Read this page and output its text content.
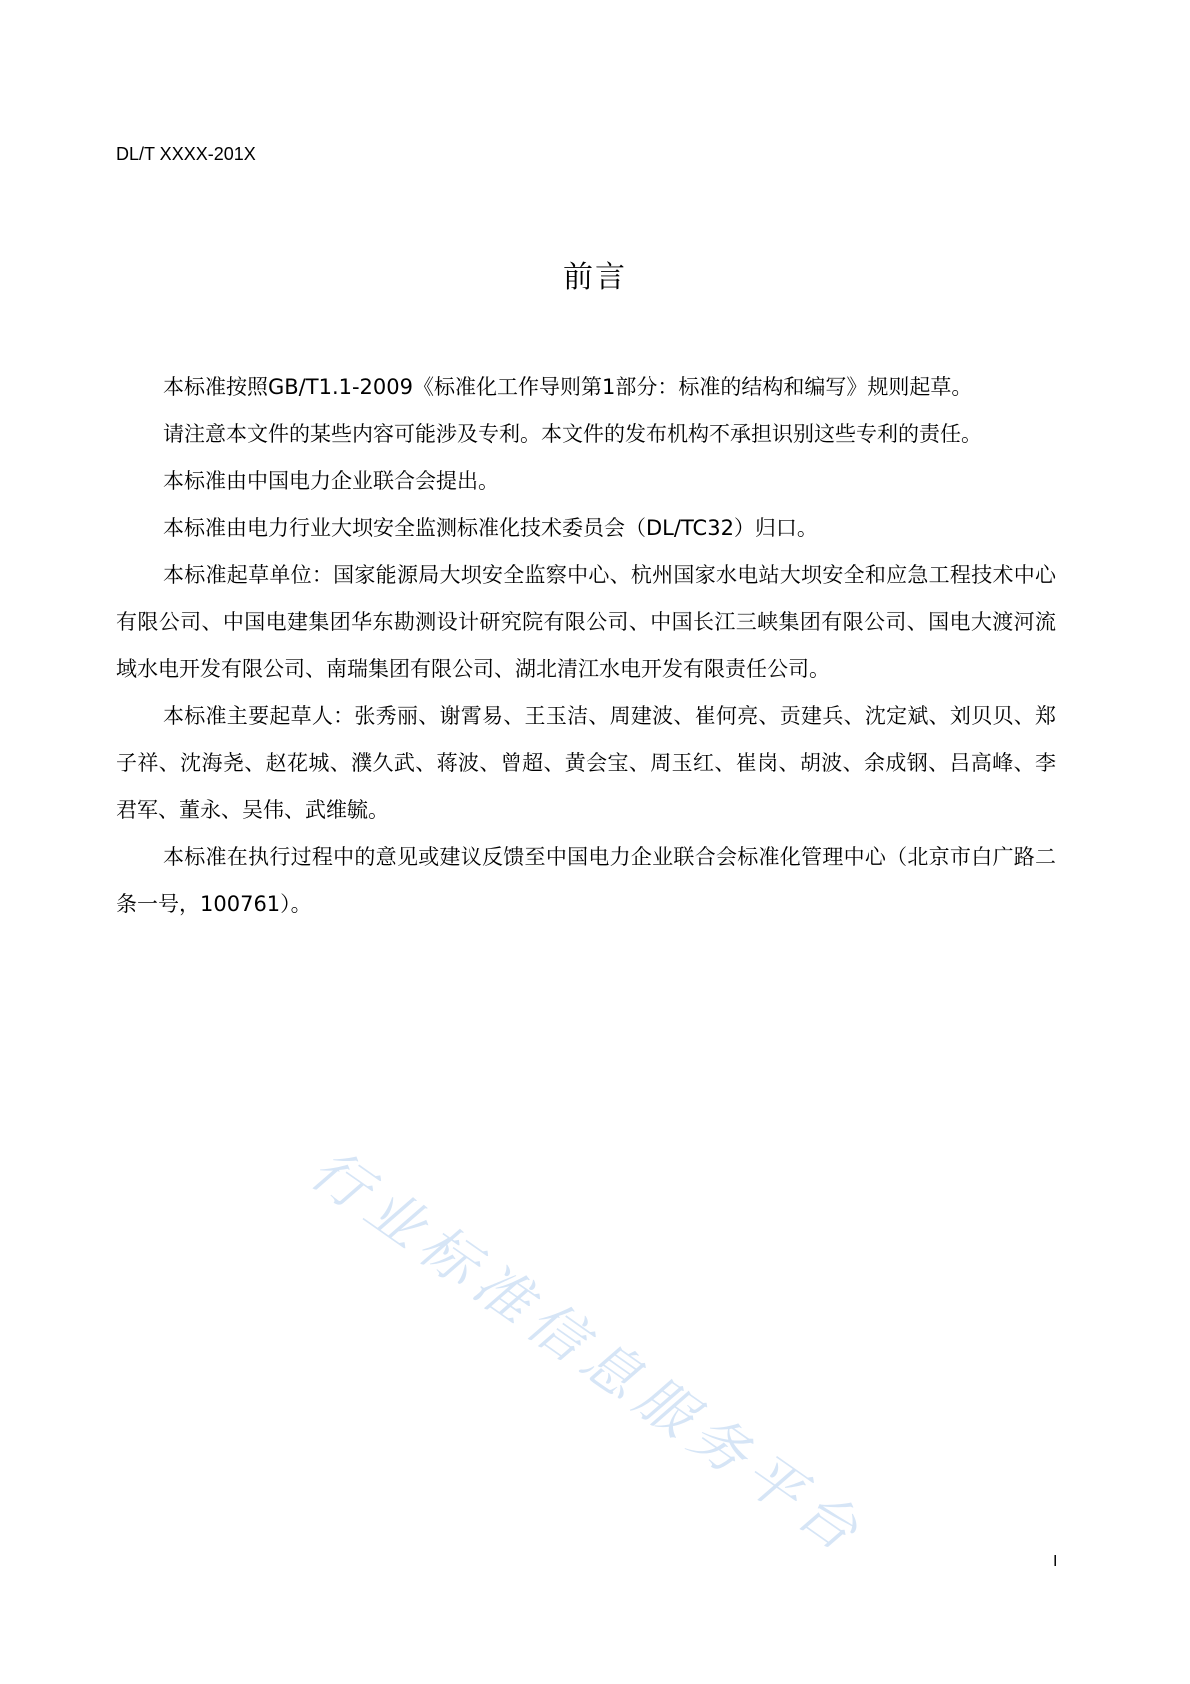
DL/T XXXX-201X
前言

本标准按照GB/T1.1-2009《标准化工作导则第1部分：标准的结构和编写》规则起草。

请注意本文件的某些内容可能涉及专利。本文件的发布机构不承担识别这些专利的责任。

本标准由中国电力企业联合会提出。

本标准由电力行业大坝安全监测标准化技术委员会（DL/TC32）归口。

本标准起草单位：国家能源局大坝安全监察中心、杭州国家水电站大坝安全和应急工程技术中心有限公司、中国电建集团华东勘测设计研究院有限公司、中国长江三峡集团有限公司、国电大渡河流域水电开发有限公司、南瑞集团有限公司、湖北清江水电开发有限责任公司。

本标准主要起草人：张秀丽、谢霄易、王玉洁、周建波、崔何亮、贡建兵、沈定斌、刘贝贝、郑子祥、沈海尧、赵花城、濮久武、蒋波、曾超、黄会宝、周玉红、崔岗、胡波、余成钢、吕高峰、李君军、董永、吴伟、武维毓。

本标准在执行过程中的意见或建议反馈至中国电力企业联合会标准化管理中心（北京市白广路二条一号，100761）。

行业标准信息服务平台	I
